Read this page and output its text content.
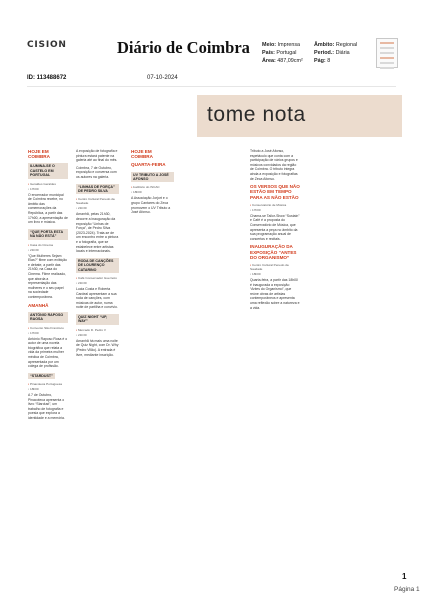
CISION	Diário de Coimbra Meio: Imprensa
País: Portugal
Área: 487,09cm²
Âmbito: Regional
Period.: Diária
Pág: 8
ID: 113488672	07-10-2024
tome nota
HOJE EM COIMBRA
ILUMINA-SE O CASTELO EM PORTUGAL
▪ Geraldes Geraldes
▪ 17h00

O encerrador municipal de Coimbra recebe, no âmbito das comemorações da República, a partir das 17h00, a apresentação de um livro e música.

“QUE PORTA ESTA NA NÃO ESTÁ”
▪ Casa do Cinema
▪ 21h30

“Que Mulheres Sejam Elas?” filme com exibição e debate, a partir das 21h30, na Casa do Cinema. Filme realizado, que aborda a representação das mulheres e o seu papel na sociedade contemporânea.

AMANHÃ
ANTÓNIO RAPOSO RAOSA
▪ Convento São Francisco
▪ 17h00

António Raposo Rosa é o autor de uma novela biográfica que relata a vida da primeira mulher médica de Coimbra, apresentada por um colega de profissão.

“STARDUST”
▪ Pinacoteca Portuguesa
▪ 18h00

A 7 de Outubro, Pinacoteca apresenta o livro “Stardust”, um trabalho de fotografia e poesia que explora a identidade e a memória.

A exposição de fotografia e pintura estará patente na galeria até ao final do mês.

Coimbra, 7 de Outubro, exposição e conversa com os autores na galeria.

“LINHAS DE FORÇA” DE PEDRO SILVA
▪ Centro Cultural Penedo da Saudade
▪ 21h30

Amanhã, pelas 21h30, decorre a inauguração da exposição “Linhas de Força”, de Pedro Silva (2023-2024). Trata-se de um encontro entre a pintura e a fotografia, que se estabelece entre artistas locais e internacionais.

RODA DE CANÇÕES DE LOURENÇO CATARINO
▪ Café Conservador Guerreiro
▪ 21h30

Lucia Costa e Roberta Cardeal apresentam a sua roda de canções, com músicas de autor, numa noite de partilha e convívio.

QUIZ NIGHT “UP, WAY”
▪ Mercado D. Pedro V
▪ 21h30

Amanhã há mais uma noite de Quiz Night, com Dr. Why (Pedro Vilão). A entrada é livre, mediante inscrição.

HOJE EM COIMBRA
QUARTA-FEIRA
UV TRIBUTO A JOSÉ AFONSO
▪ Auditório do ISCAC
▪ 18h00

A Associação Jorjort e o grupo Cantares do Zeca promovem o UV Tributo a José Afonso.

Tributo a José Afonso, espetáculo que conta com a participação de vários grupos e músicos convidados da região de Coimbra. O tributo integra ainda a exposição e fotografias de Zeca Afonso.

OS VERSOS QUE NÃO ESTÃO EM TEMPO PARA AS NÃO ESTÃO
▪ Conservatório de Música
▪ 17h00

Chama-se Tailor-Show “Sustain” e Café é a proposta do Conservatório de Música, que apresenta a peça no âmbito da sua programação anual de concertos e recitais.

INAUGURAÇÃO DA EXPOSIÇÃO “ANTES DO ORGANISMO”
▪ Centro Cultural Penedo da Saudade
▪ 18h00

Quarta-feira, a partir das 18h00 é inaugurada a exposição “Antes do Organismo”, que reúne obras de artistas contemporâneos e apresenta uma reflexão sobre a natureza e a vida.

1
Página 1
